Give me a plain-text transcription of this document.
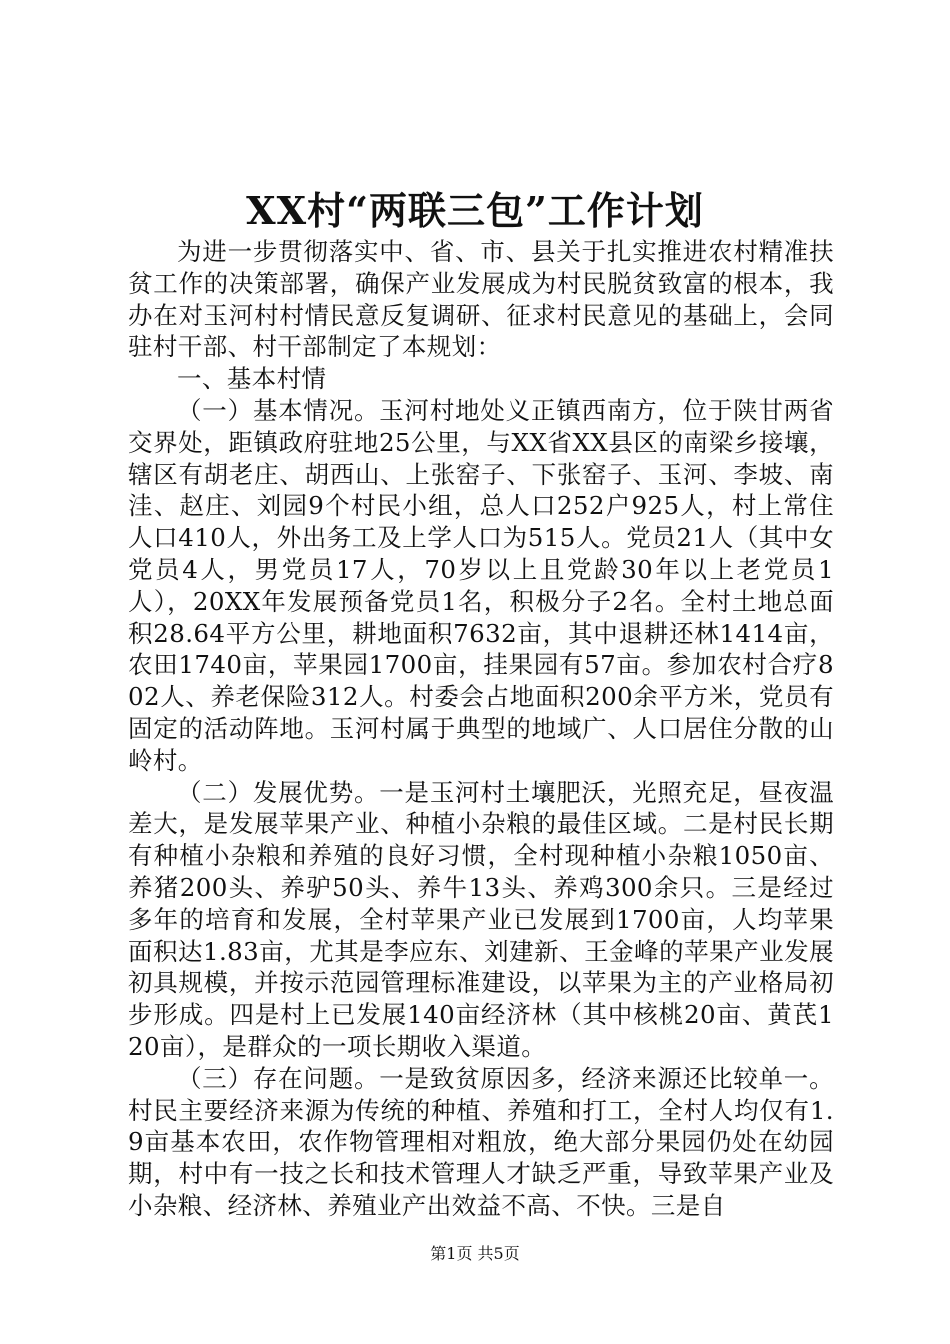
XX村“两联三包”工作计划

为进一步贯彻落实中、省、市、县关于扎实推进农村精准扶贫工作的决策部署，确保产业发展成为村民脱贫致富的根本，我办在对玉河村村情民意反复调研、征求村民意见的基础上，会同驻村干部、村干部制定了本规划：

一、基本村情

（一）基本情况。玉河村地处义正镇西南方，位于陕甘两省交界处，距镇政府驻地25公里，与XX省XX县区的南梁乡接壤，辖区有胡老庄、胡西山、上张窑子、下张窑子、玉河、李坡、南洼、赵庄、刘园9个村民小组，总人口252户925人，村上常住人口410人，外出务工及上学人口为515人。党员21人（其中女党员4人，男党员17人，70岁以上且党龄30年以上老党员1人），20XX年发展预备党员1名，积极分子2名。全村土地总面积28.64平方公里，耕地面积7632亩，其中退耕还林1414亩，农田1740亩，苹果园1700亩，挂果园有57亩。参加农村合疗802人、养老保险312人。村委会占地面积200余平方米，党员有固定的活动阵地。玉河村属于典型的地域广、人口居住分散的山岭村。

（二）发展优势。一是玉河村土壤肥沃，光照充足，昼夜温差大，是发展苹果产业、种植小杂粮的最佳区域。二是村民长期有种植小杂粮和养殖的良好习惯，全村现种植小杂粮1050亩、养猪200头、养驴50头、养牛13头、养鸡300余只。三是经过多年的培育和发展，全村苹果产业已发展到1700亩，人均苹果面积达1.83亩，尤其是李应东、刘建新、王金峰的苹果产业发展初具规模，并按示范园管理标准建设，以苹果为主的产业格局初步形成。四是村上已发展140亩经济林（其中核桃20亩、黄芪120亩），是群众的一项长期收入渠道。

（三）存在问题。一是致贫原因多，经济来源还比较单一。村民主要经济来源为传统的种植、养殖和打工，全村人均仅有1.9亩基本农田，农作物管理相对粗放，绝大部分果园仍处在幼园期，村中有一技之长和技术管理人才缺乏严重，导致苹果产业及小杂粮、经济林、养殖业产出效益不高、不快。三是自

第1页 共5页
